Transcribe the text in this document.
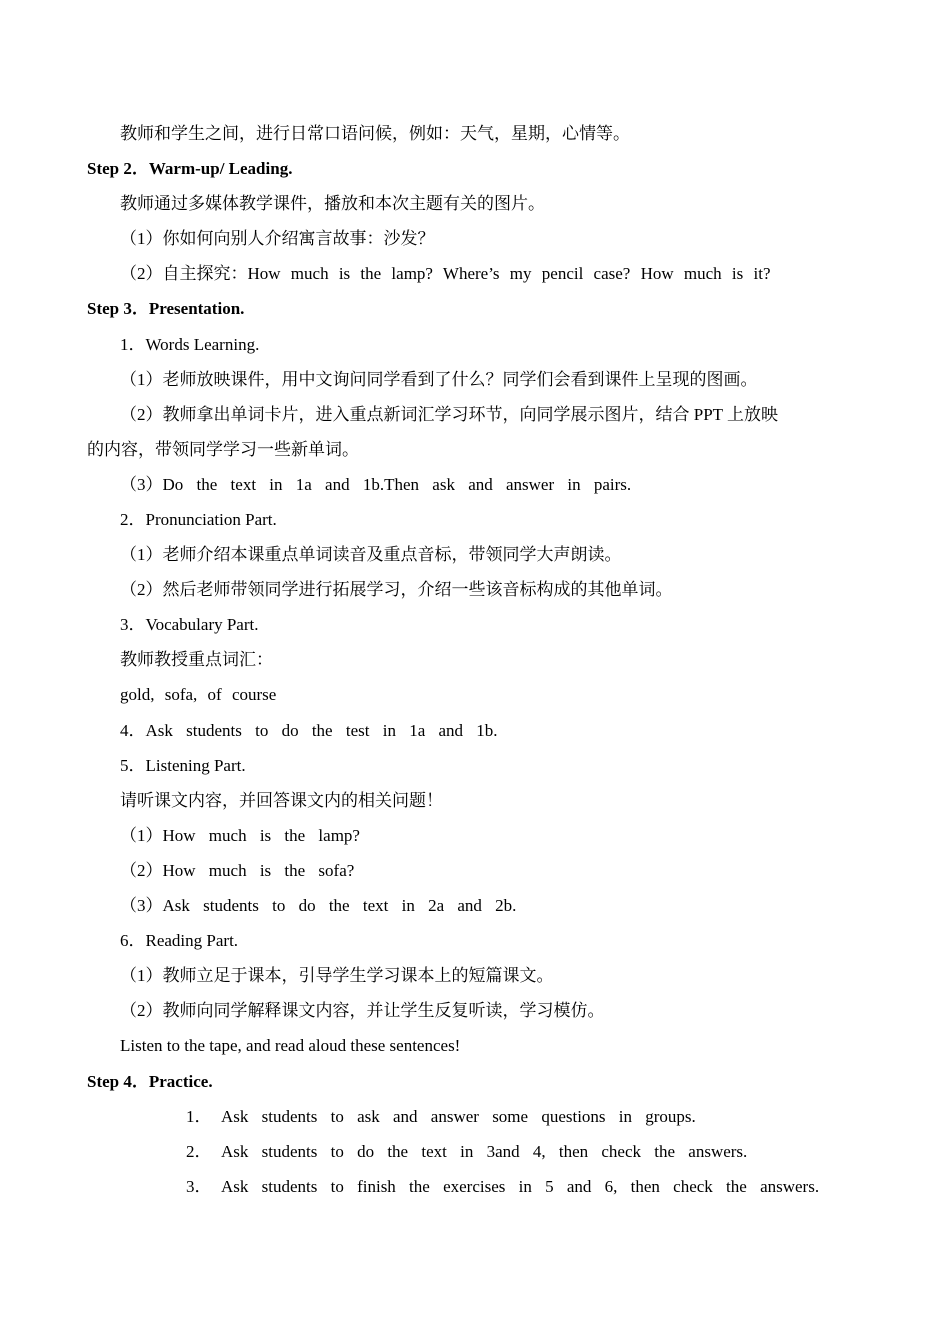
教师和学生之间，进行日常口语问候，例如：天气，星期，心情等。
Step 2．Warm-up/ Leading.
教师通过多媒体教学课件，播放和本次主题有关的图片。
（1）你如何向别人介绍寓言故事：沙发？
（2）自主探究：How much is the lamp? Where’s my pencil case? How much is it?
Step 3．Presentation.
1．Words Learning.
（1）老师放映课件，用中文询问同学看到了什么？同学们会看到课件上呈现的图画。
（2）教师拿出单词卡片，进入重点新词汇学习环节，向同学展示图片，结合 PPT 上放映
的内容，带领同学学习一些新单词。
（3）Do the text in 1a and 1b.Then ask and answer in pairs.
2．Pronunciation Part.
（1）老师介绍本课重点单词读音及重点音标，带领同学大声朗读。
（2）然后老师带领同学进行拓展学习，介绍一些该音标构成的其他单词。
3．Vocabulary Part.
教师教授重点词汇：
gold, sofa, of course
4．Ask students to do the test in 1a and 1b.
5．Listening Part.
请听课文内容，并回答课文内的相关问题！
（1）How much is the lamp?
（2）How much is the sofa?
（3）Ask students to do the text in 2a and 2b.
6．Reading Part.
（1）教师立足于课本，引导学生学习课本上的短篇课文。
（2）教师向同学解释课文内容，并让学生反复听读，学习模仿。
Listen to the tape, and read aloud these sentences!
Step 4．Practice.
1． Ask students to ask and answer some questions in groups.
2． Ask students to do the text in 3and 4, then check the answers.
3． Ask students to finish the exercises in 5 and 6, then check the answers.
